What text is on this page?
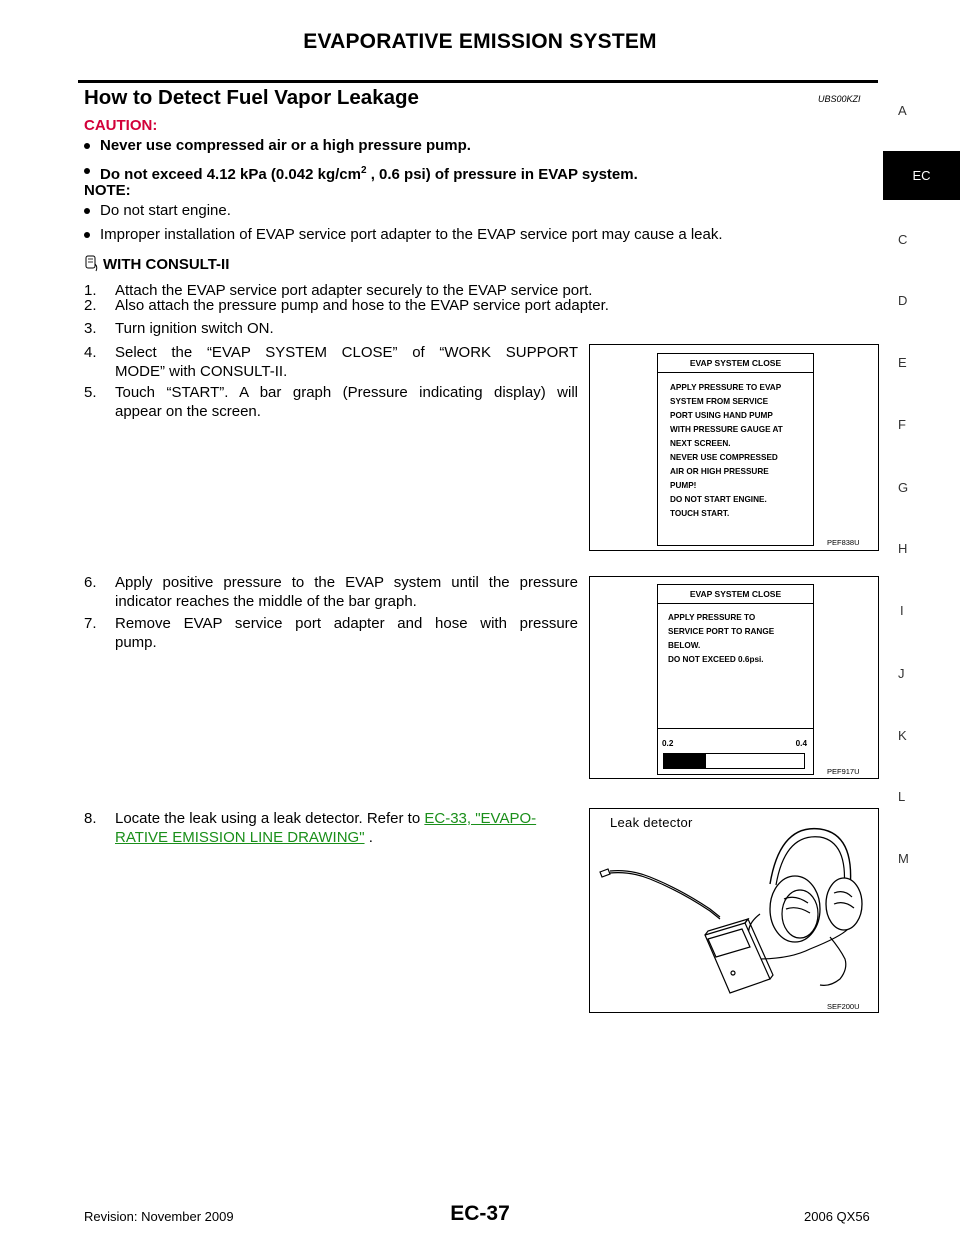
EVAPORATIVE EMISSION SYSTEM
How to Detect Fuel Vapor Leakage	UBS00KZI
CAUTION:
Never use compressed air or a high pressure pump.
Do not exceed 4.12 kPa (0.042 $kg/cm^2$ , 0.6 psi) of pressure in EVAP system.
NOTE:
Do not start engine.
Improper installation of EVAP service port adapter to the EVAP service port may cause a leak.
WITH CONSULT-II
1. Attach the EVAP service port adapter securely to the EVAP service port.
2. Also attach the pressure pump and hose to the EVAP service port adapter.
3. Turn ignition switch ON.
4. Select the “EVAP SYSTEM CLOSE” of “WORK SUPPORT
MODE” with CONSULT-II.
5. Touch “START”. A bar graph (Pressure indicating display) will
appear on the screen.
6. Apply positive pressure to the EVAP system until the pressure
indicator reaches the middle of the bar graph.
7. Remove EVAP service port adapter and hose with pressure
pump.
8. Locate the leak using a leak detector. Refer to EC-33, "EVAPO-
RATIVE EMISSION LINE DRAWING" .
EVAP SYSTEM CLOSE
APPLY PRESSURE TO EVAP
SYSTEM FROM SERVICE
PORT USING HAND PUMP
WITH PRESSURE GAUGE AT
NEXT SCREEN.
NEVER USE COMPRESSED
AIR OR HIGH PRESSURE
PUMP!
DO NOT START ENGINE.
TOUCH START.
PEF838U
EVAP SYSTEM CLOSE
APPLY PRESSURE TO
SERVICE PORT TO RANGE
BELOW.
DO NOT EXCEED 0.6psi.
0.2	0.4
PEF917U
Leak detector
SEF200U
A
EC
C
D
E
F
G
H
I
J
K
L
M
Revision: November 2009	EC-37	2006 QX56
